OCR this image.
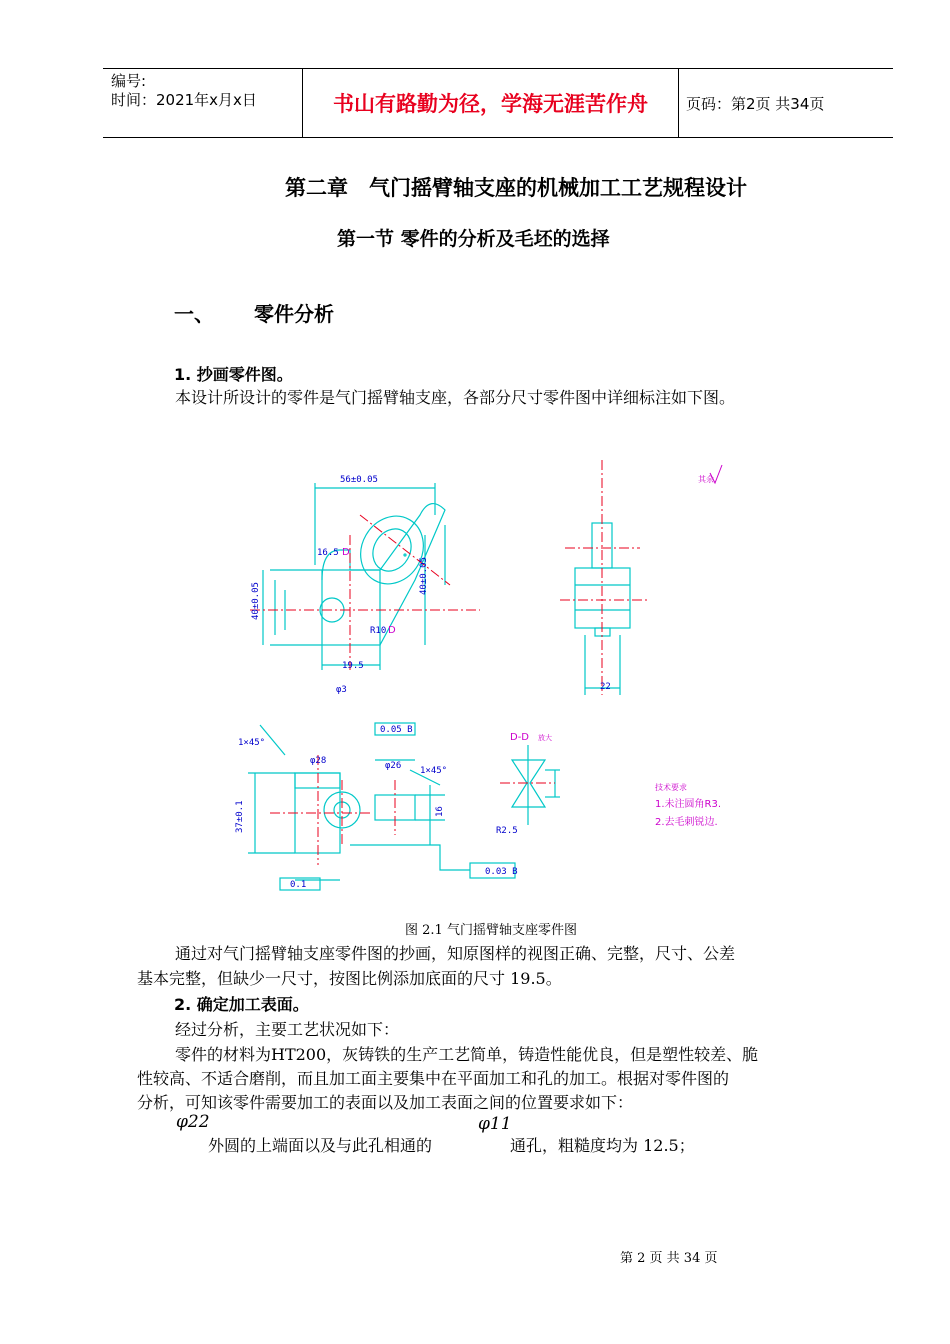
编号:
时间：2021年x月x日	书山有路勤为径，学海无涯苦作舟	页码：第2页 共34页
第二章　气门摇臂轴支座的机械加工工艺规程设计
第一节 零件的分析及毛坯的选择
一、 零件分析
1. 抄画零件图。
本设计所设计的零件是气门摇臂轴支座，各部分尺寸零件图中详细标注如下图。
56±0.05
16.5
19.5
φ3
R10
22
φ28	φ26
1×45°
1×45°
0.05 B
0.03 B
0.1
R2.5
40±0.05
40±0.05
37±0.1	16
D
D
D-D 放大
其余
技术要求
1.未注圆角R3.
2.去毛刺锐边.
图 2.1 气门摇臂轴支座零件图
通过对气门摇臂轴支座零件图的抄画，知原图样的视图正确、完整，尺寸、公差
基本完整，但缺少一尺寸，按图比例添加底面的尺寸 19.5。
2. 确定加工表面。
经过分析，主要工艺状况如下：
零件的材料为HT200，灰铸铁的生产工艺简单，铸造性能优良，但是塑性较差、脆
性较高、不适合磨削，而且加工面主要集中在平面加工和孔的加工。根据对零件图的
分析，可知该零件需要加工的表面以及加工表面之间的位置要求如下：
φ22
外圆的上端面以及与此孔相通的
φ11
通孔，粗糙度均为 12.5；
第 2 页 共 34 页
